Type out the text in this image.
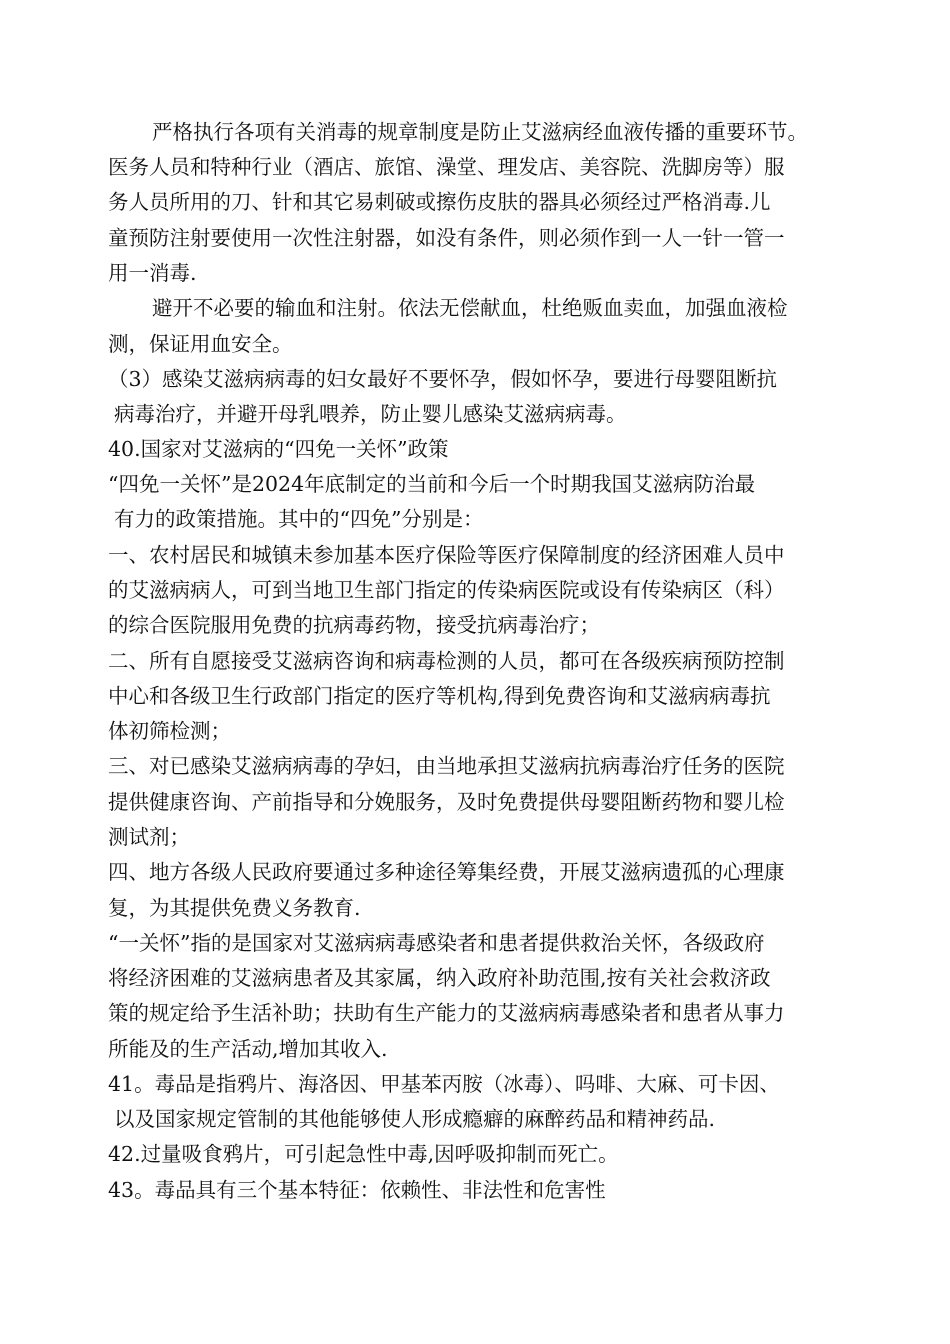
严格执行各项有关消毒的规章制度是防止艾滋病经血液传播的重要环节。
医务人员和特种行业（酒店、旅馆、澡堂、理发店、美容院、洗脚房等）服
务人员所用的刀、针和其它易刺破或擦伤皮肤的器具必须经过严格消毒.儿
童预防注射要使用一次性注射器，如没有条件，则必须作到一人一针一管一
用一消毒.
避开不必要的输血和注射。依法无偿献血，杜绝贩血卖血，加强血液检
测，保证用血安全。
（3）感染艾滋病病毒的妇女最好不要怀孕，假如怀孕，要进行母婴阻断抗
病毒治疗，并避开母乳喂养，防止婴儿感染艾滋病病毒。
40.国家对艾滋病的“四免一关怀”政策
“四免一关怀”是2024年底制定的当前和今后一个时期我国艾滋病防治最
有力的政策措施。其中的“四免”分别是：
一、农村居民和城镇未参加基本医疗保险等医疗保障制度的经济困难人员中
的艾滋病病人，可到当地卫生部门指定的传染病医院或设有传染病区（科）
的综合医院服用免费的抗病毒药物，接受抗病毒治疗；
二、所有自愿接受艾滋病咨询和病毒检测的人员，都可在各级疾病预防控制
中心和各级卫生行政部门指定的医疗等机构,得到免费咨询和艾滋病病毒抗
体初筛检测；
三、对已感染艾滋病病毒的孕妇，由当地承担艾滋病抗病毒治疗任务的医院
提供健康咨询、产前指导和分娩服务，及时免费提供母婴阻断药物和婴儿检
测试剂；
四、地方各级人民政府要通过多种途径筹集经费，开展艾滋病遗孤的心理康
复，为其提供免费义务教育.
“一关怀”指的是国家对艾滋病病毒感染者和患者提供救治关怀，各级政府
将经济困难的艾滋病患者及其家属，纳入政府补助范围,按有关社会救济政
策的规定给予生活补助；扶助有生产能力的艾滋病病毒感染者和患者从事力
所能及的生产活动,增加其收入.
41。毒品是指鸦片、海洛因、甲基苯丙胺（冰毒）、吗啡、大麻、可卡因、
以及国家规定管制的其他能够使人形成瘾癖的麻醉药品和精神药品.
42.过量吸食鸦片，可引起急性中毒,因呼吸抑制而死亡。
43。毒品具有三个基本特征：依赖性、非法性和危害性
